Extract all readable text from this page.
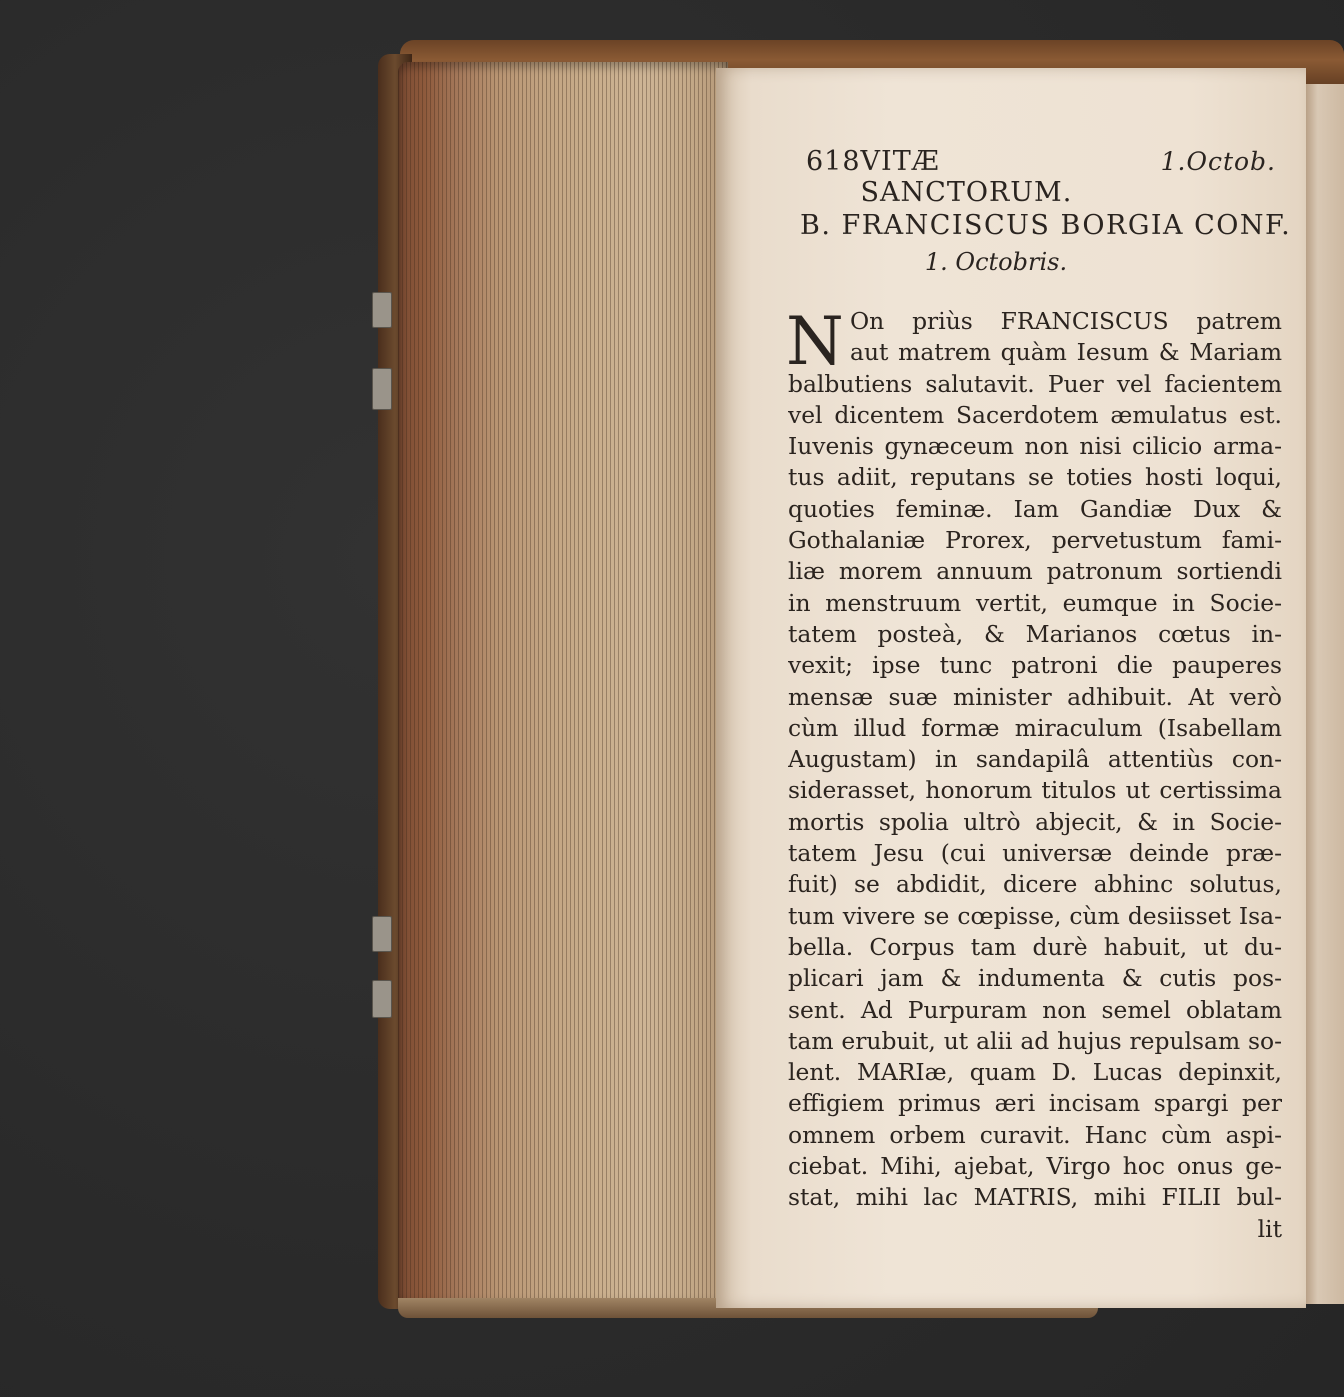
618 VITÆ SANCTORUM.
1.Octob.
B. FRANCISCUS BORGIA CONF.
1. Octobris.
N On priùs FRANCISCUS patrem
aut matrem quàm Iesum & Mariam
balbutiens salutavit. Puer vel facientem
vel dicentem Sacerdotem æmulatus est.
Iuvenis gynæceum non nisi cilicio arma-
tus adiit, reputans se toties hosti loqui,
quoties feminæ. Iam Gandiæ Dux &
Gothalaniæ Prorex, pervetustum fami-
liæ morem annuum patronum sortiendi
in menstruum vertit, eumque in Socie-
tatem posteà, & Marianos cœtus in-
vexit; ipse tunc patroni die pauperes
mensæ suæ minister adhibuit. At verò
cùm illud formæ miraculum (Isabellam
Augustam) in sandapilâ attentiùs con-
siderasset, honorum titulos ut certissima
mortis spolia ultrò abjecit, & in Socie-
tatem Jesu (cui universæ deinde præ-
fuit) se abdidit, dicere abhinc solutus,
tum vivere se cœpisse, cùm desiisset Isa-
bella. Corpus tam durè habuit, ut du-
plicari jam & indumenta & cutis pos-
sent. Ad Purpuram non semel oblatam
tam erubuit, ut alii ad hujus repulsam so-
lent. MARIæ, quam D. Lucas depinxit,
effigiem primus æri incisam spargi per
omnem orbem curavit. Hanc cùm aspi-
ciebat. Mihi, ajebat, Virgo hoc onus ge-
stat, mihi lac MATRIS, mihi FILII bul-
lit
